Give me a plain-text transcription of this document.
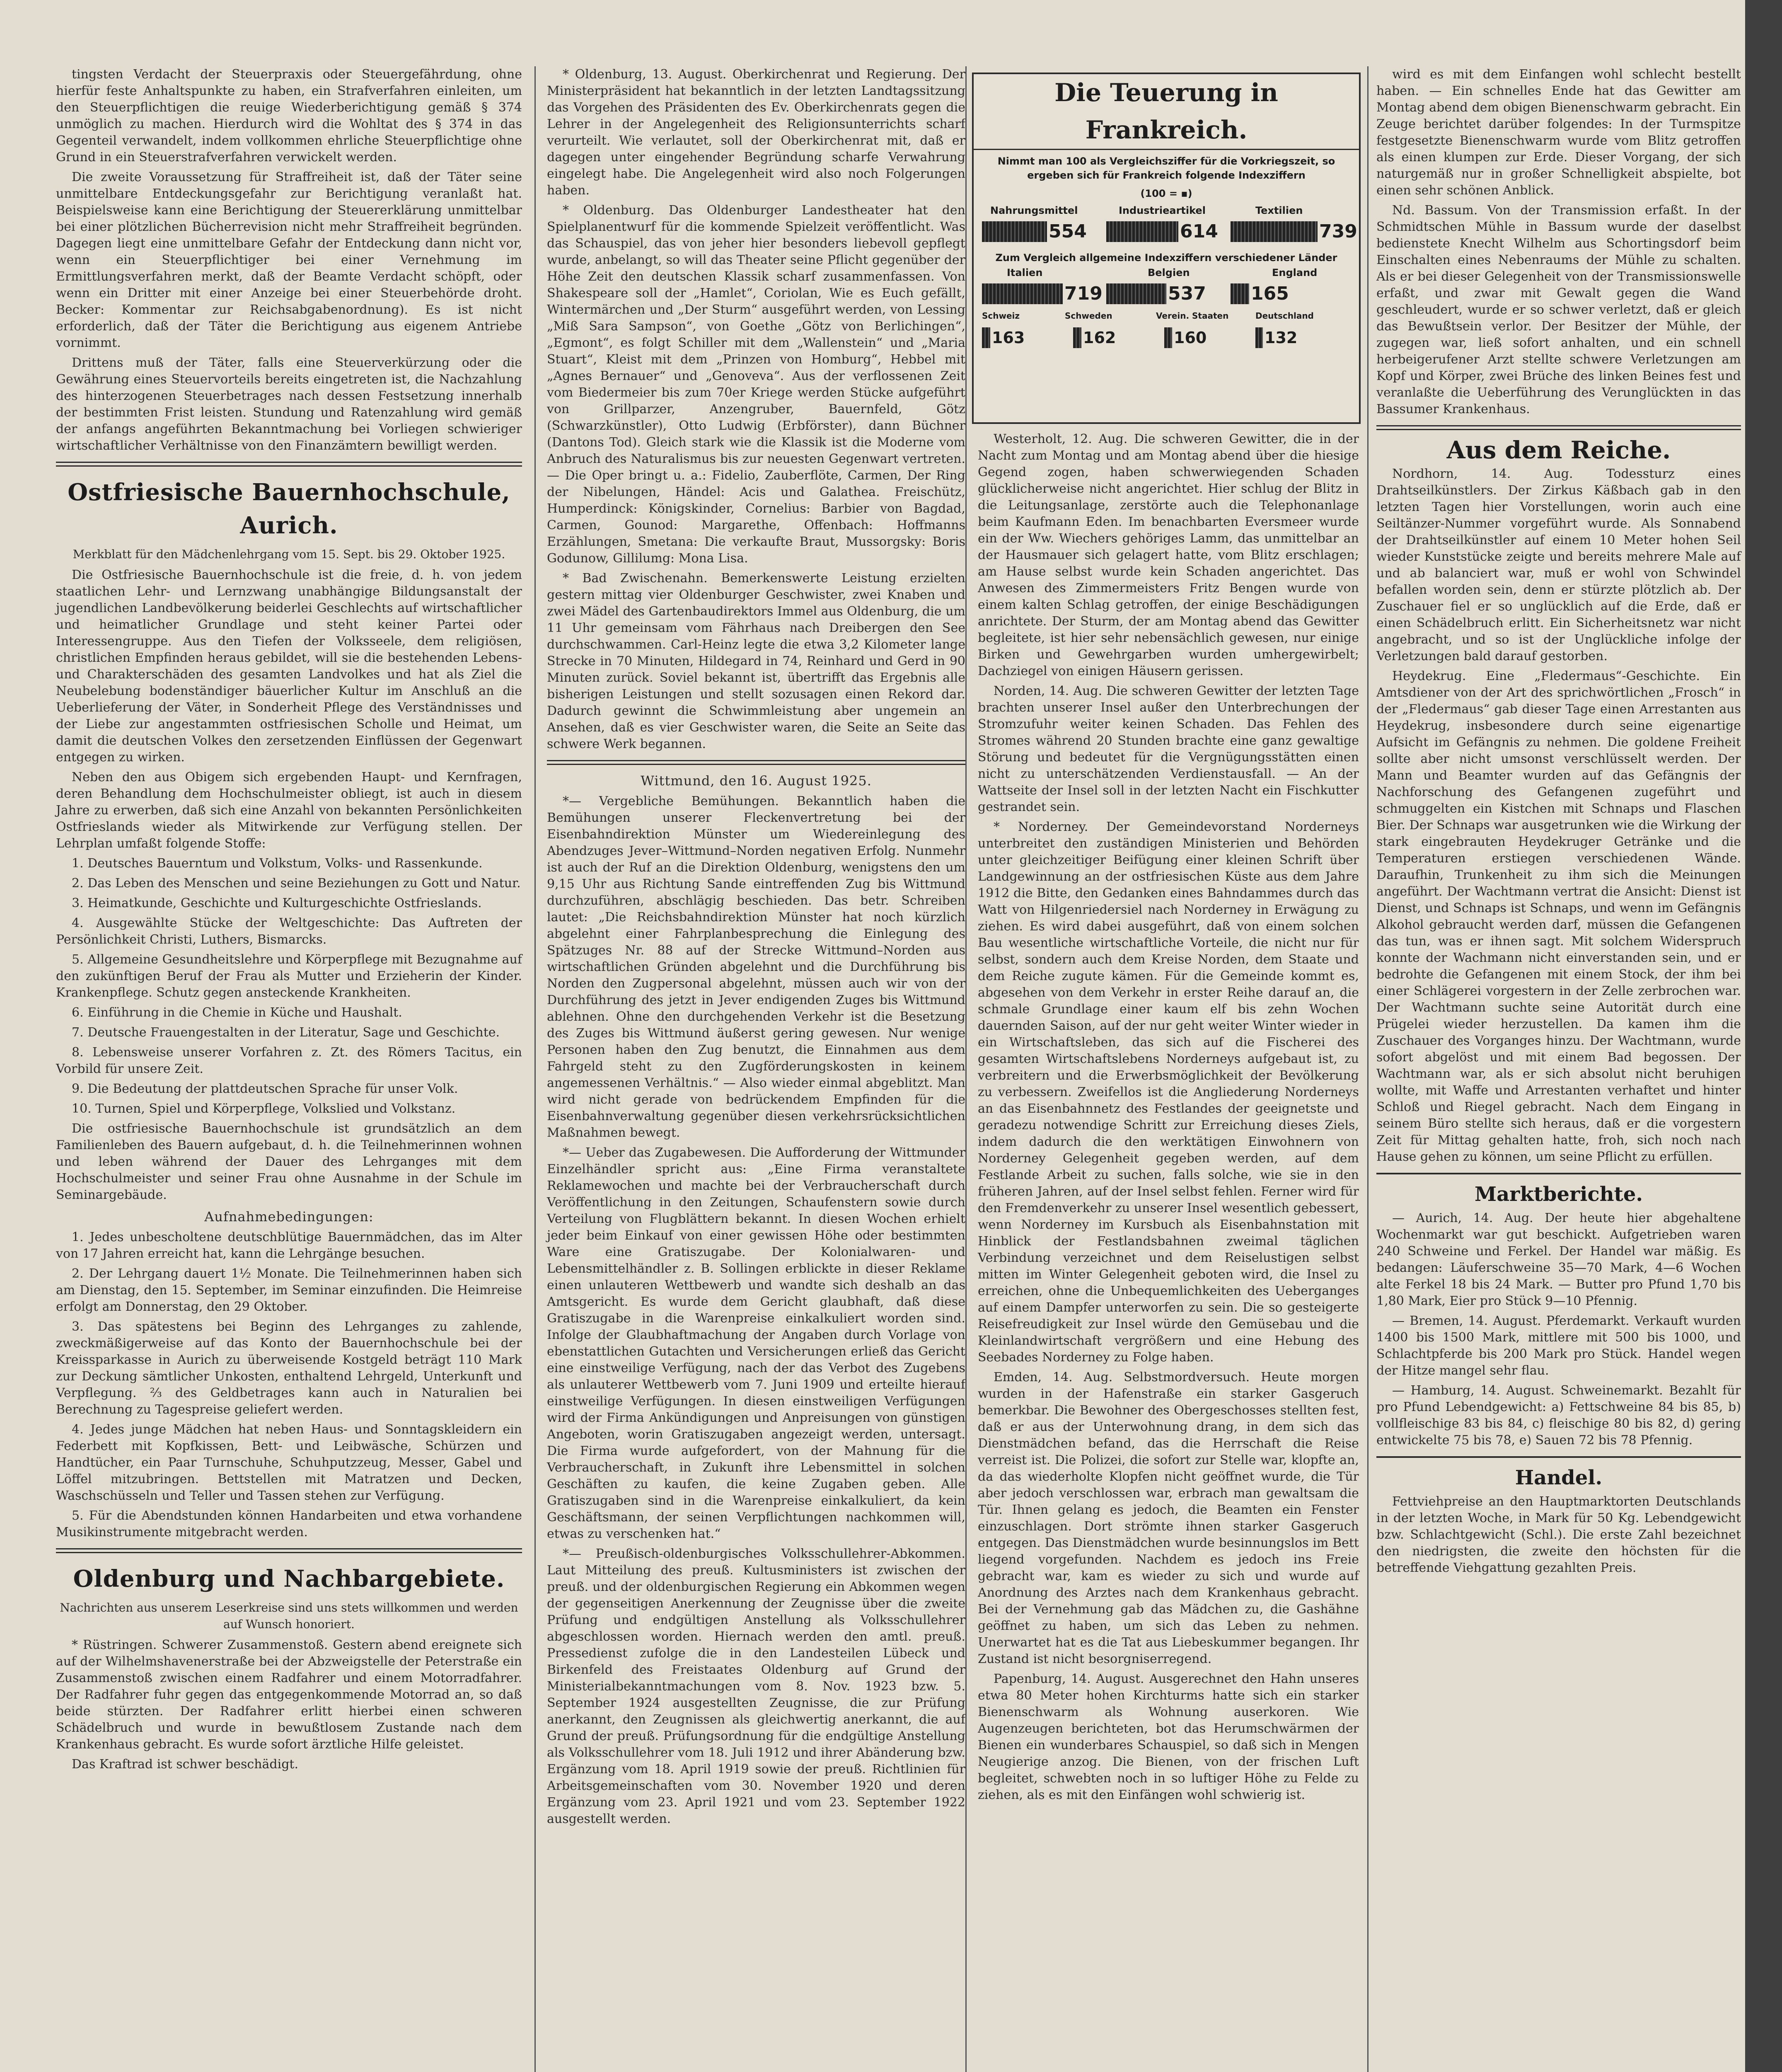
tingsten Verdacht der Steuerpraxis oder Steuergefährdung, ohne hierfür feste Anhaltspunkte zu haben, ein Strafverfahren einleiten, um den Steuerpflichtigen die reuige Wiederberichtigung gemäß § 374 unmöglich zu machen. Hierdurch wird die Wohltat des § 374 in das Gegenteil verwandelt, indem vollkommen ehrliche Steuerpflichtige ohne Grund in ein Steuerstrafverfahren verwickelt werden.

Die zweite Voraussetzung für Straffreiheit ist, daß der Täter seine unmittelbare Entdeckungsgefahr zur Berichtigung veranlaßt hat. Beispielsweise kann eine Berichtigung der Steuererklärung unmittelbar bei einer plötzlichen Bücherrevision nicht mehr Straffreiheit begründen. Dagegen liegt eine unmittelbare Gefahr der Entdeckung dann nicht vor, wenn ein Steuerpflichtiger bei einer Vernehmung im Ermittlungsverfahren merkt, daß der Beamte Verdacht schöpft, oder wenn ein Dritter mit einer Anzeige bei einer Steuerbehörde droht. Becker: Kommentar zur Reichsabgabenordnung). Es ist nicht erforderlich, daß der Täter die Berichtigung aus eigenem Antriebe vornimmt.

Drittens muß der Täter, falls eine Steuerverkürzung oder die Gewährung eines Steuervorteils bereits eingetreten ist, die Nachzahlung des hinterzogenen Steuerbetrages nach dessen Festsetzung innerhalb der bestimmten Frist leisten. Stundung und Ratenzahlung wird gemäß der anfangs angeführten Bekanntmachung bei Vorliegen schwieriger wirtschaftlicher Verhältnisse von den Finanzämtern bewilligt werden.

Ostfriesische Bauernhochschule, Aurich.
Merkblatt für den Mädchenlehrgang vom 15. Sept. bis 29. Oktober 1925.

Die Ostfriesische Bauernhochschule ist die freie, d. h. von jedem staatlichen Lehr- und Lernzwang unabhängige Bildungsanstalt der jugendlichen Landbevölkerung beiderlei Geschlechts auf wirtschaftlicher und heimatlicher Grundlage und steht keiner Partei oder Interessengruppe. Aus den Tiefen der Volksseele, dem religiösen, christlichen Empfinden heraus gebildet, will sie die bestehenden Lebens- und Charakterschäden des gesamten Landvolkes und hat als Ziel die Neubelebung bodenständiger bäuerlicher Kultur im Anschluß an die Ueberlieferung der Väter, in Sonderheit Pflege des Verständnisses und der Liebe zur angestammten ostfriesischen Scholle und Heimat, um damit die deutschen Volkes den zersetzenden Einflüssen der Gegenwart entgegen zu wirken.

Neben den aus Obigem sich ergebenden Haupt- und Kernfragen, deren Behandlung dem Hochschulmeister obliegt, ist auch in diesem Jahre zu erwerben, daß sich eine Anzahl von bekannten Persönlichkeiten Ostfrieslands wieder als Mitwirkende zur Verfügung stellen. Der Lehrplan umfaßt folgende Stoffe:

1. Deutsches Bauerntum und Volkstum, Volks- und Rassenkunde.

2. Das Leben des Menschen und seine Beziehungen zu Gott und Natur.

3. Heimatkunde, Geschichte und Kulturgeschichte Ostfrieslands.

4. Ausgewählte Stücke der Weltgeschichte: Das Auftreten der Persönlichkeit Christi, Luthers, Bismarcks.

5. Allgemeine Gesundheitslehre und Körperpflege mit Bezugnahme auf den zukünftigen Beruf der Frau als Mutter und Erzieherin der Kinder. Krankenpflege. Schutz gegen ansteckende Krankheiten.

6. Einführung in die Chemie in Küche und Haushalt.

7. Deutsche Frauengestalten in der Literatur, Sage und Geschichte.

8. Lebensweise unserer Vorfahren z. Zt. des Römers Tacitus, ein Vorbild für unsere Zeit.

9. Die Bedeutung der plattdeutschen Sprache für unser Volk.

10. Turnen, Spiel und Körperpflege, Volkslied und Volkstanz.

Die ostfriesische Bauernhochschule ist grundsätzlich an dem Familienleben des Bauern aufgebaut, d. h. die Teilnehmerinnen wohnen und leben während der Dauer des Lehrganges mit dem Hochschulmeister und seiner Frau ohne Ausnahme in der Schule im Seminargebäude.

Aufnahmebedingungen:

1. Jedes unbescholtene deutschblütige Bauernmädchen, das im Alter von 17 Jahren erreicht hat, kann die Lehrgänge besuchen.

2. Der Lehrgang dauert 1½ Monate. Die Teilnehmerinnen haben sich am Dienstag, den 15. September, im Seminar einzufinden. Die Heimreise erfolgt am Donnerstag, den 29 Oktober.

3. Das spätestens bei Beginn des Lehrganges zu zahlende, zweckmäßigerweise auf das Konto der Bauernhochschule bei der Kreissparkasse in Aurich zu überweisende Kostgeld beträgt 110 Mark zur Deckung sämtlicher Unkosten, enthaltend Lehrgeld, Unterkunft und Verpflegung. ⅔ des Geldbetrages kann auch in Naturalien bei Berechnung zu Tagespreise geliefert werden.

4. Jedes junge Mädchen hat neben Haus- und Sonntagskleidern ein Federbett mit Kopfkissen, Bett- und Leibwäsche, Schürzen und Handtücher, ein Paar Turnschuhe, Schuhputzzeug, Messer, Gabel und Löffel mitzubringen. Bettstellen mit Matratzen und Decken, Waschschüsseln und Teller und Tassen stehen zur Verfügung.

5. Für die Abendstunden können Handarbeiten und etwa vorhandene Musikinstrumente mitgebracht werden.

Oldenburg und Nachbargebiete.
Nachrichten aus unserem Leserkreise sind uns stets willkommen und werden auf Wunsch honoriert.

* Rüstringen. Schwerer Zusammenstoß. Gestern abend ereignete sich auf der Wilhelmshavenerstraße bei der Abzweigstelle der Peterstraße ein Zusammenstoß zwischen einem Radfahrer und einem Motorradfahrer. Der Radfahrer fuhr gegen das entgegenkommende Motorrad an, so daß beide stürzten. Der Radfahrer erlitt hierbei einen schweren Schädelbruch und wurde in bewußtlosem Zustande nach dem Krankenhaus gebracht. Es wurde sofort ärztliche Hilfe geleistet.

Das Kraftrad ist schwer beschädigt.

* Oldenburg, 13. August. Oberkirchenrat und Regierung. Der Ministerpräsident hat bekanntlich in der letzten Landtagssitzung das Vorgehen des Präsidenten des Ev. Oberkirchenrats gegen die Lehrer in der Angelegenheit des Religionsunterrichts scharf verurteilt. Wie verlautet, soll der Oberkirchenrat mit, daß er dagegen unter eingehender Begründung scharfe Verwahrung eingelegt habe. Die Angelegenheit wird also noch Folgerungen haben.

* Oldenburg. Das Oldenburger Landestheater hat den Spielplanentwurf für die kommende Spielzeit veröffentlicht. Was das Schauspiel, das von jeher hier besonders liebevoll gepflegt wurde, anbelangt, so will das Theater seine Pflicht gegenüber der Höhe Zeit den deutschen Klassik scharf zusammenfassen. Von Shakespeare soll der „Hamlet“, Coriolan, Wie es Euch gefällt, Wintermärchen und „Der Sturm“ ausgeführt werden, von Lessing „Miß Sara Sampson“, von Goethe „Götz von Berlichingen“, „Egmont“, es folgt Schiller mit dem „Wallenstein“ und „Maria Stuart“, Kleist mit dem „Prinzen von Homburg“, Hebbel mit „Agnes Bernauer“ und „Genoveva“. Aus der verflossenen Zeit vom Biedermeier bis zum 70er Kriege werden Stücke aufgeführt von Grillparzer, Anzengruber, Bauernfeld, Götz (Schwarzkünstler), Otto Ludwig (Erbförster), dann Büchner (Dantons Tod). Gleich stark wie die Klassik ist die Moderne vom Anbruch des Naturalismus bis zur neuesten Gegenwart vertreten. — Die Oper bringt u. a.: Fidelio, Zauberflöte, Carmen, Der Ring der Nibelungen, Händel: Acis und Galathea. Freischütz, Humperdinck: Königskinder, Cornelius: Barbier von Bagdad, Carmen, Gounod: Margarethe, Offenbach: Hoffmanns Erzählungen, Smetana: Die verkaufte Braut, Mussorgsky: Boris Godunow, Gillilumg: Mona Lisa.

* Bad Zwischenahn. Bemerkenswerte Leistung erzielten gestern mittag vier Oldenburger Geschwister, zwei Knaben und zwei Mädel des Gartenbaudirektors Immel aus Oldenburg, die um 11 Uhr gemeinsam vom Fährhaus nach Dreibergen den See durchschwammen. Carl-Heinz legte die etwa 3,2 Kilometer lange Strecke in 70 Minuten, Hildegard in 74, Reinhard und Gerd in 90 Minuten zurück. Soviel bekannt ist, übertrifft das Ergebnis alle bisherigen Leistungen und stellt sozusagen einen Rekord dar. Dadurch gewinnt die Schwimmleistung aber ungemein an Ansehen, daß es vier Geschwister waren, die Seite an Seite das schwere Werk begannen.

Wittmund, den 16. August 1925.

*— Vergebliche Bemühungen. Bekanntlich haben die Bemühungen unserer Fleckenvertretung bei der Eisenbahndirektion Münster um Wiedereinlegung des Abendzuges Jever–Wittmund–Norden negativen Erfolg. Nunmehr ist auch der Ruf an die Direktion Oldenburg, wenigstens den um 9,15 Uhr aus Richtung Sande eintreffenden Zug bis Wittmund durchzuführen, abschlägig beschieden. Das betr. Schreiben lautet: „Die Reichsbahndirektion Münster hat noch kürzlich abgelehnt einer Fahrplanbesprechung die Einlegung des Spätzuges Nr. 88 auf der Strecke Wittmund–Norden aus wirtschaftlichen Gründen abgelehnt und die Durchführung bis Norden den Zugpersonal abgelehnt, müssen auch wir von der Durchführung des jetzt in Jever endigenden Zuges bis Wittmund ablehnen. Ohne den durchgehenden Verkehr ist die Besetzung des Zuges bis Wittmund äußerst gering gewesen. Nur wenige Personen haben den Zug benutzt, die Einnahmen aus dem Fahrgeld steht zu den Zugförderungskosten in keinem angemessenen Verhältnis.“ — Also wieder einmal abgeblitzt. Man wird nicht gerade von bedrückendem Empfinden für die Eisenbahnverwaltung gegenüber diesen verkehrsrücksichtlichen Maßnahmen bewegt.

*— Ueber das Zugabewesen. Die Aufforderung der Wittmunder Einzelhändler spricht aus: „Eine Firma veranstaltete Reklamewochen und machte bei der Verbraucherschaft durch Veröffentlichung in den Zeitungen, Schaufenstern sowie durch Verteilung von Flugblättern bekannt. In diesen Wochen erhielt jeder beim Einkauf von einer gewissen Höhe oder bestimmten Ware eine Gratiszugabe. Der Kolonialwaren- und Lebensmittelhändler z. B. Sollingen erblickte in dieser Reklame einen unlauteren Wettbewerb und wandte sich deshalb an das Amtsgericht. Es wurde dem Gericht glaubhaft, daß diese Gratiszugabe in die Warenpreise einkalkuliert worden sind. Infolge der Glaubhaftmachung der Angaben durch Vorlage von ebenstattlichen Gutachten und Versicherungen erließ das Gericht eine einstweilige Verfügung, nach der das Verbot des Zugebens als unlauterer Wettbewerb vom 7. Juni 1909 und erteilte hierauf einstweilige Verfügungen. In diesen einstweiligen Verfügungen wird der Firma Ankündigungen und Anpreisungen von günstigen Angeboten, worin Gratiszugaben angezeigt werden, untersagt. Die Firma wurde aufgefordert, von der Mahnung für die Verbraucherschaft, in Zukunft ihre Lebensmittel in solchen Geschäften zu kaufen, die keine Zugaben geben. Alle Gratiszugaben sind in die Warenpreise einkalkuliert, da kein Geschäftsmann, der seinen Verpflichtungen nachkommen will, etwas zu verschenken hat.“

*— Preußisch-oldenburgisches Volksschullehrer-Abkommen. Laut Mitteilung des preuß. Kultusministers ist zwischen der preuß. und der oldenburgischen Regierung ein Abkommen wegen der gegenseitigen Anerkennung der Zeugnisse über die zweite Prüfung und endgültigen Anstellung als Volksschullehrer abgeschlossen worden. Hiernach werden den amtl. preuß. Pressedienst zufolge die in den Landesteilen Lübeck und Birkenfeld des Freistaates Oldenburg auf Grund der Ministerialbekanntmachungen vom 8. Nov. 1923 bzw. 5. September 1924 ausgestellten Zeugnisse, die zur Prüfung anerkannt, den Zeugnissen als gleichwertig anerkannt, die auf Grund der preuß. Prüfungsordnung für die endgültige Anstellung als Volksschullehrer vom 18. Juli 1912 und ihrer Abänderung bzw. Ergänzung vom 18. April 1919 sowie der preuß. Richtlinien für Arbeitsgemeinschaften vom 30. November 1920 und deren Ergänzung vom 23. April 1921 und vom 23. September 1922 ausgestellt werden.

Die Teuerung in Frankreich.
Nimmt man 100 als Vergleichsziffer für die Vorkriegszeit, so ergeben sich für Frankreich folgende Indexziffern
(100 = ▪)
Nahrungsmittel	Industrieartikel	Textilien
554	614	739
Zum Vergleich allgemeine Indexziffern verschiedener Länder
Italien	Belgien	England
719	537 165
Schweiz	Schweden	Verein. Staaten	Deutschland
163	162	160	132

Westerholt, 12. Aug. Die schweren Gewitter, die in der Nacht zum Montag und am Montag abend über die hiesige Gegend zogen, haben schwerwiegenden Schaden glücklicherweise nicht angerichtet. Hier schlug der Blitz in die Leitungsanlage, zerstörte auch die Telephonanlage beim Kaufmann Eden. Im benachbarten Eversmeer wurde ein der Ww. Wiechers gehöriges Lamm, das unmittelbar an der Hausmauer sich gelagert hatte, vom Blitz erschlagen; am Hause selbst wurde kein Schaden angerichtet. Das Anwesen des Zimmermeisters Fritz Bengen wurde von einem kalten Schlag getroffen, der einige Beschädigungen anrichtete. Der Sturm, der am Montag abend das Gewitter begleitete, ist hier sehr nebensächlich gewesen, nur einige Birken und Gewehrgarben wurden umhergewirbelt; Dachziegel von einigen Häusern gerissen.

Norden, 14. Aug. Die schweren Gewitter der letzten Tage brachten unserer Insel außer den Unterbrechungen der Stromzufuhr weiter keinen Schaden. Das Fehlen des Stromes während 20 Stunden brachte eine ganz gewaltige Störung und bedeutet für die Vergnügungsstätten einen nicht zu unterschätzenden Verdienstausfall. — An der Wattseite der Insel soll in der letzten Nacht ein Fischkutter gestrandet sein.

* Norderney. Der Gemeindevorstand Norderneys unterbreitet den zuständigen Ministerien und Behörden unter gleichzeitiger Beifügung einer kleinen Schrift über Landgewinnung an der ostfriesischen Küste aus dem Jahre 1912 die Bitte, den Gedanken eines Bahndammes durch das Watt von Hilgenriedersiel nach Norderney in Erwägung zu ziehen. Es wird dabei ausgeführt, daß von einem solchen Bau wesentliche wirtschaftliche Vorteile, die nicht nur für selbst, sondern auch dem Kreise Norden, dem Staate und dem Reiche zugute kämen. Für die Gemeinde kommt es, abgesehen von dem Verkehr in erster Reihe darauf an, die schmale Grundlage einer kaum elf bis zehn Wochen dauernden Saison, auf der nur geht weiter Winter wieder in ein Wirtschaftsleben, das sich auf die Fischerei des gesamten Wirtschaftslebens Norderneys aufgebaut ist, zu verbreitern und die Erwerbsmöglichkeit der Bevölkerung zu verbessern. Zweifellos ist die Angliederung Norderneys an das Eisenbahnnetz des Festlandes der geeignetste und geradezu notwendige Schritt zur Erreichung dieses Ziels, indem dadurch die den werktätigen Einwohnern von Norderney Gelegenheit gegeben werden, auf dem Festlande Arbeit zu suchen, falls solche, wie sie in den früheren Jahren, auf der Insel selbst fehlen. Ferner wird für den Fremdenverkehr zu unserer Insel wesentlich gebessert, wenn Norderney im Kursbuch als Eisenbahnstation mit Hinblick der Festlandsbahnen zweimal täglichen Verbindung verzeichnet und dem Reiselustigen selbst mitten im Winter Gelegenheit geboten wird, die Insel zu erreichen, ohne die Unbequemlichkeiten des Ueberganges auf einem Dampfer unterworfen zu sein. Die so gesteigerte Reisefreudigkeit zur Insel würde den Gemüsebau und die Kleinlandwirtschaft vergrößern und eine Hebung des Seebades Norderney zu Folge haben.

Emden, 14. Aug. Selbstmordversuch. Heute morgen wurden in der Hafenstraße ein starker Gasgeruch bemerkbar. Die Bewohner des Obergeschosses stellten fest, daß er aus der Unterwohnung drang, in dem sich das Dienstmädchen befand, das die Herrschaft die Reise verreist ist. Die Polizei, die sofort zur Stelle war, klopfte an, da das wiederholte Klopfen nicht geöffnet wurde, die Tür aber jedoch verschlossen war, erbrach man gewaltsam die Tür. Ihnen gelang es jedoch, die Beamten ein Fenster einzuschlagen. Dort strömte ihnen starker Gasgeruch entgegen. Das Dienstmädchen wurde besinnungslos im Bett liegend vorgefunden. Nachdem es jedoch ins Freie gebracht war, kam es wieder zu sich und wurde auf Anordnung des Arztes nach dem Krankenhaus gebracht. Bei der Vernehmung gab das Mädchen zu, die Gashähne geöffnet zu haben, um sich das Leben zu nehmen. Unerwartet hat es die Tat aus Liebeskummer begangen. Ihr Zustand ist nicht besorgniserregend.

Papenburg, 14. August. Ausgerechnet den Hahn unseres etwa 80 Meter hohen Kirchturms hatte sich ein starker Bienenschwarm als Wohnung auserkoren. Wie Augenzeugen berichteten, bot das Herumschwärmen der Bienen ein wunderbares Schauspiel, so daß sich in Mengen Neugierige anzog. Die Bienen, von der frischen Luft begleitet, schwebten noch in so luftiger Höhe zu Felde zu ziehen, als es mit den Einfängen wohl schwierig ist.

wird es mit dem Einfangen wohl schlecht bestellt haben. — Ein schnelles Ende hat das Gewitter am Montag abend dem obigen Bienenschwarm gebracht. Ein Zeuge berichtet darüber folgendes: In der Turmspitze festgesetzte Bienenschwarm wurde vom Blitz getroffen als einen klumpen zur Erde. Dieser Vorgang, der sich naturgemäß nur in großer Schnelligkeit abspielte, bot einen sehr schönen Anblick.

Nd. Bassum. Von der Transmission erfaßt. In der Schmidtschen Mühle in Bassum wurde der daselbst bedienstete Knecht Wilhelm aus Schortingsdorf beim Einschalten eines Nebenraums der Mühle zu schalten. Als er bei dieser Gelegenheit von der Transmissionswelle erfaßt, und zwar mit Gewalt gegen die Wand geschleudert, wurde er so schwer verletzt, daß er gleich das Bewußtsein verlor. Der Besitzer der Mühle, der zugegen war, ließ sofort anhalten, und ein schnell herbeigerufener Arzt stellte schwere Verletzungen am Kopf und Körper, zwei Brüche des linken Beines fest und veranlaßte die Ueberführung des Verunglückten in das Bassumer Krankenhaus.

Aus dem Reiche.

Nordhorn, 14. Aug. Todessturz eines Drahtseilkünstlers. Der Zirkus Käßbach gab in den letzten Tagen hier Vorstellungen, worin auch eine Seiltänzer-Nummer vorgeführt wurde. Als Sonnabend der Drahtseilkünstler auf einem 10 Meter hohen Seil wieder Kunststücke zeigte und bereits mehrere Male auf und ab balanciert war, muß er wohl von Schwindel befallen worden sein, denn er stürzte plötzlich ab. Der Zuschauer fiel er so unglücklich auf die Erde, daß er einen Schädelbruch erlitt. Ein Sicherheitsnetz war nicht angebracht, und so ist der Unglückliche infolge der Verletzungen bald darauf gestorben.

Heydekrug. Eine „Fledermaus“-Geschichte. Ein Amtsdiener von der Art des sprichwörtlichen „Frosch“ in der „Fledermaus“ gab dieser Tage einen Arrestanten aus Heydekrug, insbesondere durch seine eigenartige Aufsicht im Gefängnis zu nehmen. Die goldene Freiheit sollte aber nicht umsonst verschlüsselt werden. Der Mann und Beamter wurden auf das Gefängnis der Nachforschung des Gefangenen zugeführt und schmuggelten ein Kistchen mit Schnaps und Flaschen Bier. Der Schnaps war ausgetrunken wie die Wirkung der stark eingebrauten Heydekruger Getränke und die Temperaturen erstiegen verschiedenen Wände. Daraufhin, Trunkenheit zu ihm sich die Meinungen angeführt. Der Wachtmann vertrat die Ansicht: Dienst ist Dienst, und Schnaps ist Schnaps, und wenn im Gefängnis Alkohol gebraucht werden darf, müssen die Gefangenen das tun, was er ihnen sagt. Mit solchem Widerspruch konnte der Wachmann nicht einverstanden sein, und er bedrohte die Gefangenen mit einem Stock, der ihm bei einer Schlägerei vorgestern in der Zelle zerbrochen war. Der Wachtmann suchte seine Autorität durch eine Prügelei wieder herzustellen. Da kamen ihm die Zuschauer des Vorganges hinzu. Der Wachtmann, wurde sofort abgelöst und mit einem Bad begossen. Der Wachtmann war, als er sich absolut nicht beruhigen wollte, mit Waffe und Arrestanten verhaftet und hinter Schloß und Riegel gebracht. Nach dem Eingang in seinem Büro stellte sich heraus, daß er die vorgestern Zeit für Mittag gehalten hatte, froh, sich noch nach Hause gehen zu können, um seine Pflicht zu erfüllen.

Marktberichte.

— Aurich, 14. Aug. Der heute hier abgehaltene Wochenmarkt war gut beschickt. Aufgetrieben waren 240 Schweine und Ferkel. Der Handel war mäßig. Es bedangen: Läuferschweine 35—70 Mark, 4—6 Wochen alte Ferkel 18 bis 24 Mark. — Butter pro Pfund 1,70 bis 1,80 Mark, Eier pro Stück 9—10 Pfennig.

— Bremen, 14. August. Pferdemarkt. Verkauft wurden 1400 bis 1500 Mark, mittlere mit 500 bis 1000, und Schlachtpferde bis 200 Mark pro Stück. Handel wegen der Hitze mangel sehr flau.

— Hamburg, 14. August. Schweinemarkt. Bezahlt für pro Pfund Lebendgewicht: a) Fettschweine 84 bis 85, b) vollfleischige 83 bis 84, c) fleischige 80 bis 82, d) gering entwickelte 75 bis 78, e) Sauen 72 bis 78 Pfennig.

Handel.

Fettviehpreise an den Hauptmarktorten Deutschlands in der letzten Woche, in Mark für 50 Kg. Lebendgewicht bzw. Schlachtgewicht (Schl.). Die erste Zahl bezeichnet den niedrigsten, die zweite den höchsten für die betreffende Viehgattung gezahlten Preis.
